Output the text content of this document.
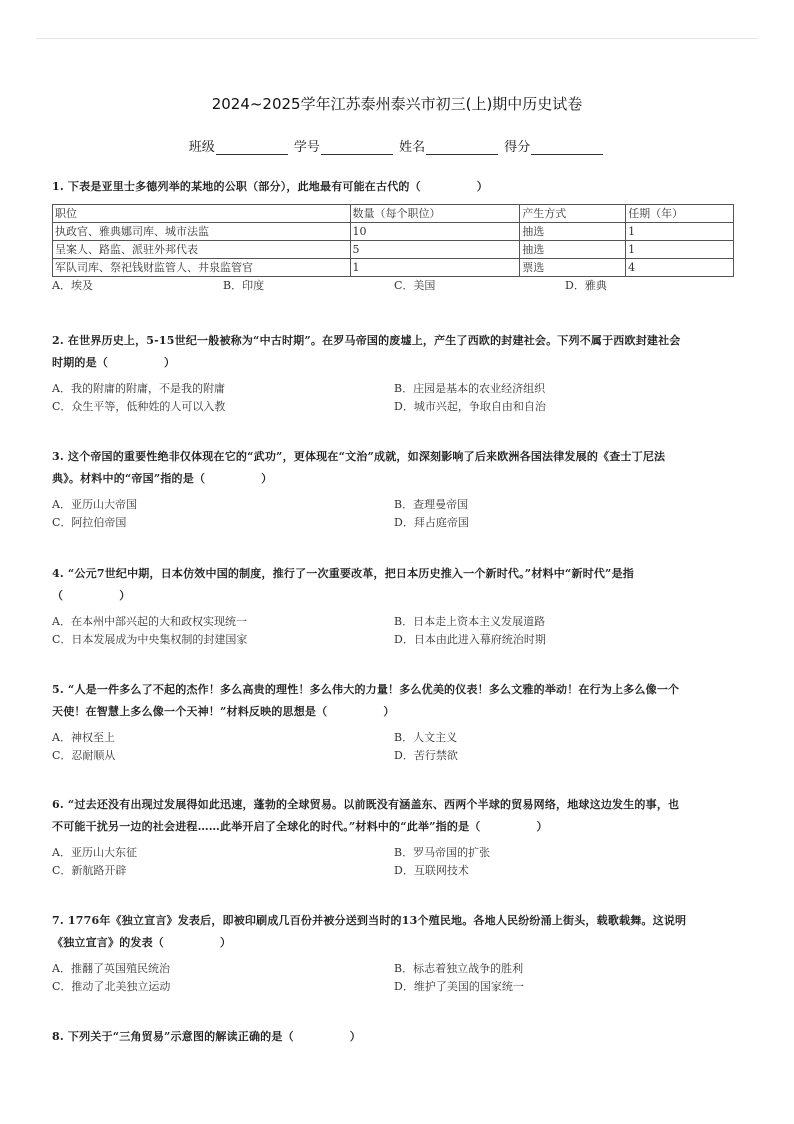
2024~2025学年江苏泰州泰兴市初三(上)期中历史试卷
班级
	学号
	姓名
	得分
1. 下表是亚里士多德列举的某地的公职（部分），此地最有可能在古代的（　　　　　）
职位	数量（每个职位）	产生方式	任期（年）
执政官、雅典娜司库、城市法监	10	抽选	1
呈案人、路监、派驻外邦代表	5	抽选	1
军队司库、祭祀钱财监管人、井泉监管官	1	票选	4
A．埃及	B．印度	C．美国	D．雅典
2. 在世界历史上，5-15世纪一般被称为“中古时期”。在罗马帝国的废墟上，产生了西欧的封建社会。下列不属于西欧封建社会
时期的是（　　　　　）
A．我的附庸的附庸，不是我的附庸	B．庄园是基本的农业经济组织
C．众生平等，低种姓的人可以入教	D．城市兴起，争取自由和自治
3. 这个帝国的重要性绝非仅体现在它的“武功”，更体现在“文治”成就，如深刻影响了后来欧洲各国法律发展的《查士丁尼法
典》。材料中的“帝国”指的是（　　　　　）
A．亚历山大帝国	B．查理曼帝国
C．阿拉伯帝国	D．拜占庭帝国
4. “公元7世纪中期，日本仿效中国的制度，推行了一次重要改革，把日本历史推入一个新时代。”材料中“新时代”是指
（　　　　　）
A．在本州中部兴起的大和政权实现统一	B．日本走上资本主义发展道路
C．日本发展成为中央集权制的封建国家	D．日本由此进入幕府统治时期
5. “人是一件多么了不起的杰作！多么高贵的理性！多么伟大的力量！多么优美的仪表！多么文雅的举动！在行为上多么像一个
天使！在智慧上多么像一个天神！”材料反映的思想是（　　　　　）
A．神权至上	B．人文主义
C．忍耐顺从	D．苦行禁欲
6. “过去还没有出现过发展得如此迅速，蓬勃的全球贸易。以前既没有涵盖东、西两个半球的贸易网络，地球这边发生的事，也
不可能干扰另一边的社会进程……此举开启了全球化的时代。”材料中的“此举”指的是（　　　　　）
A．亚历山大东征	B．罗马帝国的扩张
C．新航路开辟	D．互联网技术
7. 1776年《独立宣言》发表后，即被印刷成几百份并被分送到当时的13个殖民地。各地人民纷纷涌上街头，载歌载舞。这说明
《独立宣言》的发表（　　　　　）
A．推翻了英国殖民统治	B．标志着独立战争的胜利
C．推动了北美独立运动	D．维护了美国的国家统一
8. 下列关于“三角贸易”示意图的解读正确的是（　　　　　）
